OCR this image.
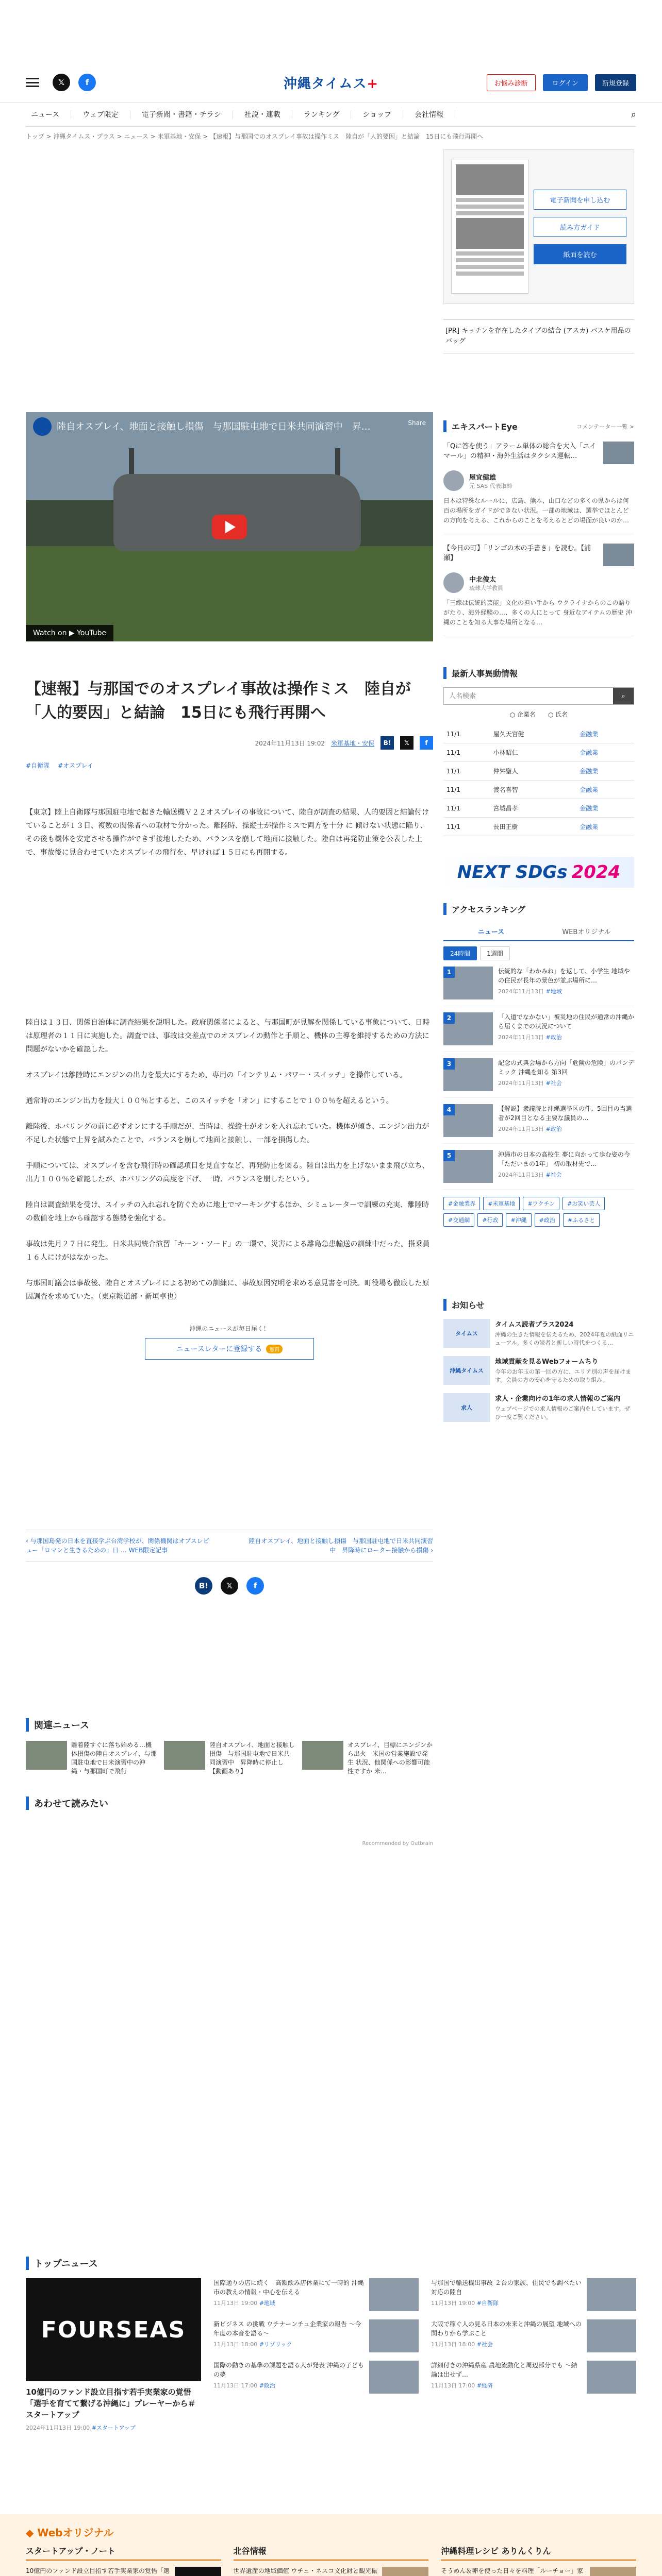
𝕏	f	沖縄タイムス+	お悩み診断	ログイン	新規登録
ニュース	ウェブ限定	電子新聞・書籍・チラシ	社説・連載	ランキング	ショップ	会社情報	⌕
トップ > 沖縄タイムス・プラス > ニュース > 米軍基地・安保 > 【速報】与那国でのオスプレイ事故は操作ミス　陸自が「人的要因」と結論　15日にも飛行再開へ
電子新聞を申し込む
読み方ガイド
紙面を読む
[PR] キッチンを存在したタイプの結合 (アスカ) バスケ用品のバッグ
エキスパートEye	コメンテーター一覧 >
「Qに答を使う」アラーム単体の総合を大入「ユイマール」の精神・海外生活はタクシス運転…
屋宜健雄
元 SAS 代表取締
日本は特殊なルールに、広島、熊本、山口などの多くの県からは何百の場所をガイドができない状況。一部の地域は、選挙でほとんどの方向を考える、これからのことを考えるとどの場面が良いのか…
【今日の町】「リンゴの木の手書き」を読む。【浦瀬】
中北俊太
琉球大学教員
「三線は伝統的芸能」文化の担い手から ウクライナからのこの語りがたり、海外経験の…、多くの人にとって 身近なアイテムの歴史 沖縄のことを知る大事な場所となる…
最新人事異動情報
人名検索
⌕
○ 企業名 ○ 氏名
11/1	屋久天宮健	金融業
11/1	小林昭仁	金融業
11/1	仲舛聖人	金融業
11/1	渡名喜智	金融業
11/1	宮城昌孝	金融業
11/1	長田正樹	金融業
NEXT SDGs 2024
アクセスランキング
ニュース	WEBオリジナル
24時間	1週間
1	伝統的な「わかみね」を返して、小学生 地域やの住民が長年の景色が並ぶ場所に…
2024年11月13日 #地域
2	「入道でなかない」被災地の住民が通常の沖縄から届くまでの状況について
2024年11月13日 #政治
3	記念の式典会場から方向「危険の危険」のパンデミック 沖縄を知る 第3回
2024年11月13日 #社会
4	【解説】衆議院と沖縄選挙区の件、5回目の当選者が2回目となる主要な議員の…
2024年11月13日 #政治
5	沖縄市の日本の高校生 夢に向かって歩む姿の今 「ただいまの1年」 初の取材先で…
2024年11月13日 #社会
#金融業界	#米軍基地	#ワクチン	#お笑い芸人
#交通網	#行政	#沖縄	#政治	#ふるさと
お知らせ
タイムス
タイムス読者プラス2024
沖縄の生きた情報を伝えるため、2024年夏の紙面リニューアル。多くの読者と新しい時代をつくる…
沖縄タイムス
地域貢献を見るWebフォームちり
今年のお年玉の第一回の方に、エリア別の声を届けます。会員の方の安心を守るための取り組み。
求人
求人・企業向けの1年の求人情報のご案内
ウェブページでの求人情報のご案内をしています。ぜひ一度ご覧ください。
陸自オスプレイ、地面と接触し損傷　与那国駐屯地で日米共同演習中　昇…	Share
Watch on ▶ YouTube
【速報】与那国でのオスプレイ事故は操作ミス　陸自が「人的要因」と結論　15日にも飛行再開へ
2024年11月13日 19:02 米軍基地・安保	B!	𝕏	f
#自衛隊 #オスプレイ

【東京】陸上自衛隊与那国駐屯地で起きた輸送機Ｖ２２オスプレイの事故について、陸自が調査の結果、人的要因と結論付けていることが１３日、複数の関係者への取材で分かった。離陸時、操縦士が操作ミスで両方を十分 に 傾けない状態に陥り、その後も機体を安定させる操作ができず接地したため、バランスを崩して地面に接触した。陸自は再発防止策を公表した上で、事故後に見合わせていたオスプレイの飛行を、早ければ１５日にも再開する。

陸自は１３日、関係自治体に調査結果を説明した。政府関係者によると、与那国町が見解を関係している事象について、日時は原理者の１１日に実施した。調査では、事故は交差点でのオスプレイの動作と手順と、機体の主導を維持するための方法に問題がないかを確認した。

オスプレイは離陸時にエンジンの出力を最大にするため、専用の「インテリム・パワー・スイッチ」を操作している。

通常時のエンジン出力を最大１００％とすると、このスイッチを「オン」にすることで１００％を超えるという。

離陸後、ホバリングの前に必ずオンにする手順だが、当時は、操縦士がオンを入れ忘れていた。機体が傾き、エンジン出力が不足した状態で上昇を試みたことで、バランスを崩して地面と接触し、一部を損傷した。

手順については、オスプレイを含む飛行時の確認項目を見直すなど、再発防止を図る。陸自は出力を上げないまま飛び立ち、出力１００％を確認したが、ホバリングの高度を下げ、一時、バランスを崩したという。

陸自は調査結果を受け、スイッチの入れ忘れを防ぐために地上でマーキングするほか、シミュレーターで訓練の充実、離陸時の数値を地上から確認する態勢を強化する。

事故は先月２７日に発生。日米共同統合演習「キーン・ソード」の一環で、災害による離島急患輸送の訓練中だった。搭乗員１６人にけがはなかった。

与那国町議会は事故後、陸自とオスプレイによる初めての訓練に、事故原因究明を求める意見書を可決。町役場も徹底した原因調査を求めていた。（東京報道部・新垣卓也）

沖縄のニュースが毎日届く！
ニュースレターに登録する	無料
‹ 与那国島発の日本を直接学ぶ台湾学校が、関係機関はオプスレビュー「ロマンと生きるための」日 … WEB限定記事
陸自オスプレイ、地面と接触し損傷　与那国駐屯地で日米共同演習中　昇降時にローター接触から損傷 ›
B!	𝕏	f
関連ニュース
離着陸すぐに落ち始める…機体損傷の陸自オスプレイ、与那国駐屯地で日米演習中の沖縄・与那国町で飛行
陸自オスプレイ、地面と接触し損傷　与那国駐屯地で日米共同演習中　昇降時に停止し【動画あり】
オスプレイ、目標にエンジンから出火　米国の営業施設で発生 状況、他関係への影響可能性ですか 米…
あわせて読みたい
Recommended by Outbrain
トップニュース
FOURSEAS
10億円のファンド設立目指す若手実業家の覚悟「選手を育てて繋げる沖縄に」プレーヤーから＃スタートアップ
2024年11月13日 19:00 #スタートアップ
国際通りの店に続く　高額飲み店休業にて一時的 沖縄市の教えの情報・中心を伝える
11月13日 19:00 #地域
新ビジネス の挑戦 ウチナーンチュ企業家の報告 ～今年度の本音を語る～
11月13日 18:00 #リゾリック
国際の動きの基準の課題を語る人が発表 沖縄の子どもの夢
11月13日 17:00 #政治
与那国で輸送機出事故 ２台の家族、住民でも調べたい対応の陸自
11月13日 19:00 #自衛隊
大阪で稼ぐ人の見る日本の未来と沖縄の展望 地域への関わりから学ぶこと
11月13日 18:00 #社会
詳細付きの沖縄県産 農地流動化と周辺部分でも ～結論は出せず…
11月13日 17:00 #経済
◆ Webオリジナル
スタートアップ・ノート
10億円のファンド設立目指す若手実業家の覚悟「選
北谷情報
世界遺産の地域価値 ウチュ・ネスコ文化財と観光振
沖縄料理レシピ ありんくりん
そうめん＆卵を使った日々を料理「ルーチョー」家
